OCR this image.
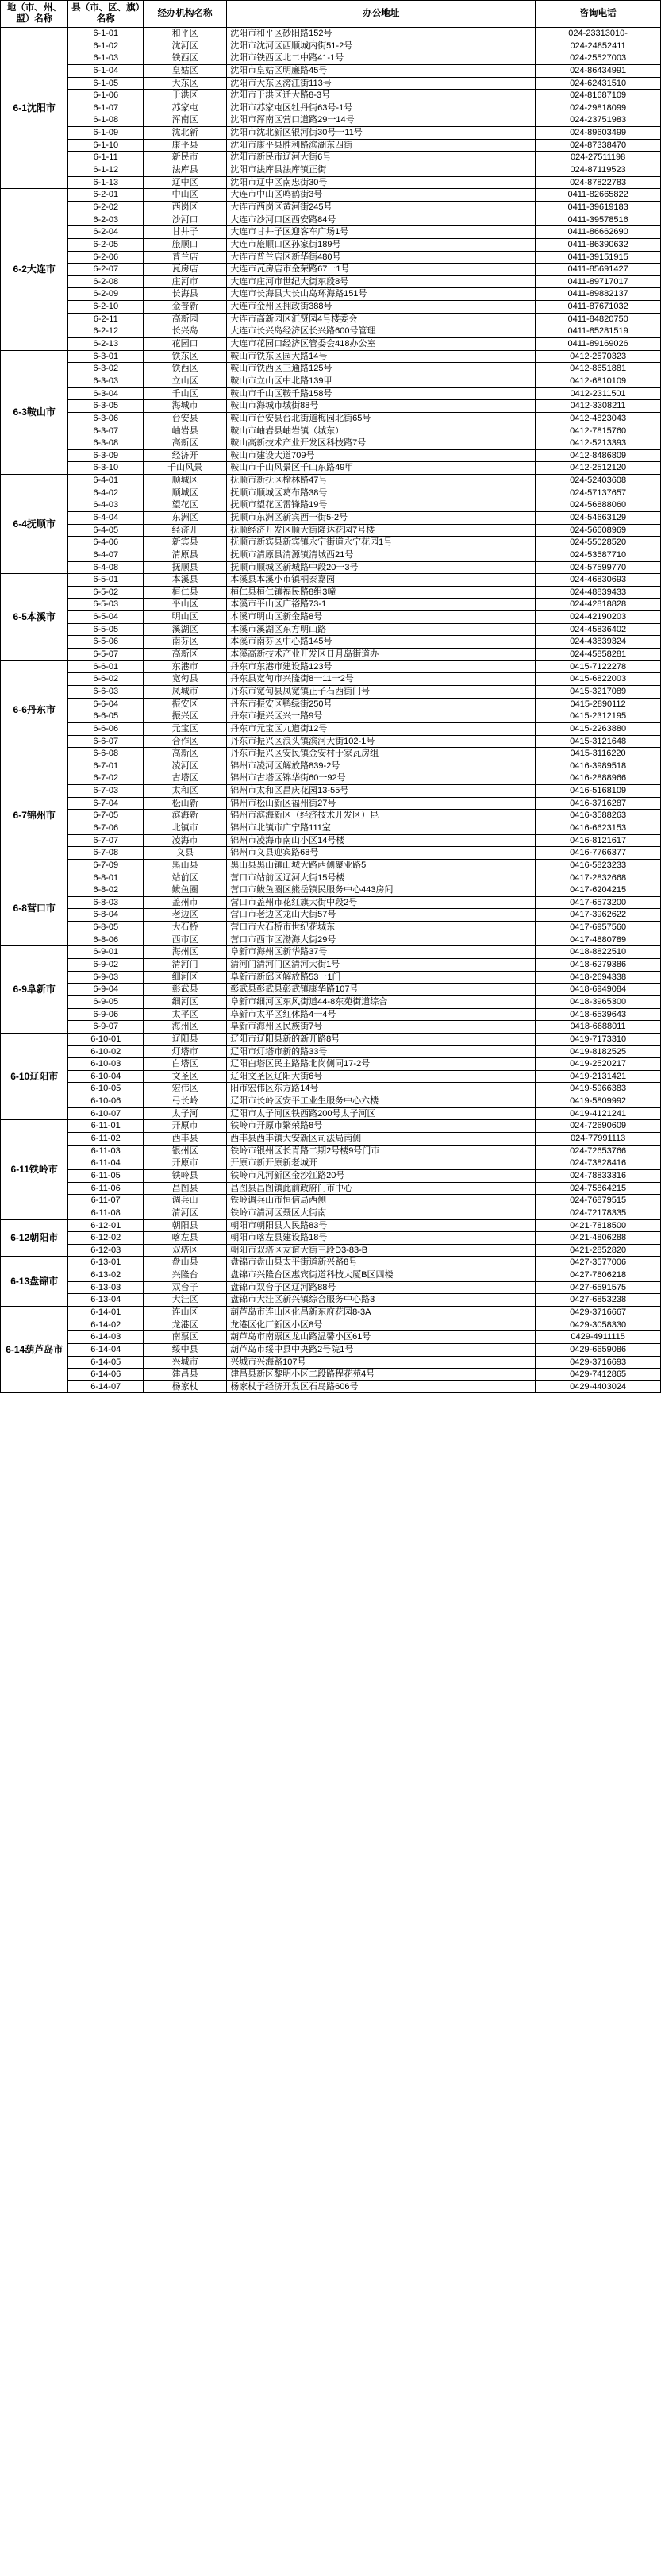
地（市、州、盟）名称	县（市、区、旗）名称	经办机构名称	办公地址	咨询电话
6-1沈阳市	6-1-01	和平区	沈阳市和平区砂阳路152号	024-23313010-
	6-1-02	沈河区	沈阳市沈河区西顺城内街51-2号	024-24852411
	6-1-03	铁西区	沈阳市铁西区北二中路41-1号	024-25527003
	6-1-04	皇姑区	沈阳市皇姑区明廉路45号	024-86434991
	6-1-05	大东区	沈阳市大东区滂江街113号	024-62431510
	6-1-06	于洪区	沈阳市于洪区迁大路8-3号	024-81687109
	6-1-07	苏家屯	沈阳市苏家屯区牡丹街63号-1号	024-29818099
	6-1-08	浑南区	沈阳市浑南区营口道路29一14号	024-23751983
	6-1-09	沈北新	沈阳市沈北新区银河街30号一11号	024-89603499
	6-1-10	康平县	沈阳市康平县胜利路滨湖东四街	024-87338470
	6-1-11	新民市	沈阳市新民市辽河大街6号	024-27511198
	6-1-12	法库县	沈阳市法库县法库镇正街	024-87119523
	6-1-13	辽中区	沈阳市辽中区南忠街30号	024-87822783
6-2大连市	6-2-01	中山区	大连市中山区鸣鹤街3号	0411-82665822
	6-2-02	西岗区	大连市西岗区黄河街245号	0411-39619183
	6-2-03	沙河口	大连市沙河口区西安路84号	0411-39578516
	6-2-04	甘井子	大连市甘井子区迎客车广场1号	0411-86662690
	6-2-05	旅顺口	大连市旅顺口区孙家街189号	0411-86390632
	6-2-06	普兰店	大连市普兰店区新华街480号	0411-39151915
	6-2-07	瓦房店	大连市瓦房店市金荣路67一1号	0411-85691427
	6-2-08	庄河市	大连市庄河市世纪大街东段8号	0411-89717017
	6-2-09	长海县	大连市长海县大长山岛环海路151号	0411-89882137
	6-2-10	金普新	大连市金州区拥政街388号	0411-87671032
	6-2-11	高新园	大连市高新园区汇贤园4号楼委会	0411-84820750
	6-2-12	长兴岛	大连市长兴岛经济区长兴路600号管理	0411-85281519
	6-2-13	花园口	大连市花园口经济区管委会418办公室	0411-89169026
6-3鞍山市	6-3-01	铁东区	鞍山市铁东区园大路14号	0412-2570323
	6-3-02	铁西区	鞍山市铁西区三通路125号	0412-8651881
	6-3-03	立山区	鞍山市立山区中北路139甲	0412-6810109
	6-3-04	千山区	鞍山市千山区鞍千路158号	0412-2311501
	6-3-05	海城市	鞍山市海城市城街88号	0412-3308211
	6-3-06	台安县	鞍山市台安县台北街道梅园北街65号	0412-4823043
	6-3-07	岫岩县	鞍山市岫岩县岫岩镇（城东）	0412-7815760
	6-3-08	高新区	鞍山高新技术产业开发区科技路7号	0412-5213393
	6-3-09	经济开	鞍山市建设大道709号	0412-8486809
	6-3-10	千山风景	鞍山市千山风景区千山东路49甲	0412-2512120
6-4抚顺市	6-4-01	顺城区	抚顺市新抚区榆林路47号	024-52403608
	6-4-02	顺城区	抚顺市顺城区葛布路38号	024-57137657
	6-4-03	望花区	抚顺市望花区雷锋路19号	024-56888060
	6-4-04	东洲区	抚顺市东洲区新宾西一街5-2号	024-54663129
	6-4-05	经济开	抚顺经济开发区顺大街隆达花园7号楼	024-56608969
	6-4-06	新宾县	抚顺市新宾县新宾镇永宁街道永宁花园1号	024-55028520
	6-4-07	清原县	抚顺市清原县清源镇清城西21号	024-53587710
	6-4-08	抚顺县	抚顺市顺城区新城路中段20一3号	024-57599770
6-5本溪市	6-5-01	本溪县	本溪县本溪小市镇柄泰嘉园	024-46830693
	6-5-02	桓仁县	桓仁县桓仁镇福民路8组3幢	024-48839433
	6-5-03	平山区	本溪市平山区广裕路73-1	024-42818828
	6-5-04	明山区	本溪市明山区新金路8号	024-42190203
	6-5-05	溪湖区	本溪市溪湖区东方明山路	024-45836402
	6-5-06	南芬区	本溪市南芬区中心路145号	024-43839324
	6-5-07	高新区	本溪高新技术产业开发区日月岛街道办	024-45858281
6-6丹东市	6-6-01	东港市	丹东市东港市建设路123号	0415-7122278
	6-6-02	宽甸县	丹东县宽甸市兴隆街8一11一2号	0415-6822003
	6-6-03	凤城市	丹东市宽甸县凤宽镇正子石西街门号	0415-3217089
	6-6-04	振安区	丹东市振安区鸭绿街250号	0415-2890112
	6-6-05	振兴区	丹东市振兴区兴一路9号	0415-2312195
	6-6-06	元宝区	丹东市元宝区九道街12号	0415-2263880
	6-6-07	合作区	丹东市振兴区浪头镇滨河大街102-1号	0415-3121648
	6-6-08	高新区	丹东市振兴区安民镇金安村于家瓦房组	0415-3116220
6-7锦州市	6-7-01	凌河区	锦州市凌河区解放路839-2号	0416-3989518
	6-7-02	古塔区	锦州市古塔区锦华街60一92号	0416-2888966
	6-7-03	太和区	锦州市太和区昌庆花园13-55号	0416-5168109
	6-7-04	松山新	锦州市松山新区福州街27号	0416-3716287
	6-7-05	滨海新	锦州市滨海新区（经济技术开发区）昆	0416-3588263
	6-7-06	北镇市	锦州市北镇市广宁路111室	0416-6623153
	6-7-07	凌海市	锦州市凌海市南山小区14号楼	0416-8121617
	6-7-08	义县	锦州市义县迎宾路68号	0416-7766377
	6-7-09	黑山县	黑山县黑山镇山城大路西侧聚业路5	0416-5823233
6-8营口市	6-8-01	站前区	营口市站前区辽河大街15号楼	0417-2832668
	6-8-02	鲅鱼圈	营口市鲅鱼圈区熊岳镇民服务中心443房间	0417-6204215
	6-8-03	盖州市	营口市盖州市花红旗大街中段2号	0417-6573200
	6-8-04	老边区	营口市老边区龙山大街57号	0417-3962622
	6-8-05	大石桥	营口市大石桥市世纪花城东	0417-6957560
	6-8-06	西市区	营口市西市区渤海大街29号	0417-4880789
6-9阜新市	6-9-01	海州区	阜新市海州区新华路37号	0418-8822510
	6-9-02	清河门	清河门清河门区清河大街1号	0418-6279386
	6-9-03	细河区	阜新市新邱区解放路53一1门	0418-2694338
	6-9-04	彰武县	彰武县彰武县彰武镇康华路107号	0418-6949084
	6-9-05	细河区	阜新市细河区东风街道44-8东苑街道综合	0418-3965300
	6-9-06	太平区	阜新市太平区红休路4一4号	0418-6539643
	6-9-07	海州区	阜新市海州区民族街7号	0418-6688011
6-10辽阳市	6-10-01	辽阳县	辽阳市辽阳县新的新开路8号	0419-7173310
	6-10-02	灯塔市	辽阳市灯塔市新的路33号	0419-8182525
	6-10-03	白塔区	辽阳白塔区民主路路北岗侧同17-2号	0419-2520217
	6-10-04	文圣区	辽阳文圣区辽阳大街6号	0419-2131421
	6-10-05	宏伟区	阳市宏伟区东方路14号	0419-5966383
	6-10-06	弓长岭	辽阳市长岭区安平工业生服务中心六楼	0419-5809992
	6-10-07	太子河	辽阳市太子河区铁西路200号太子河区	0419-4121241
6-11铁岭市	6-11-01	开原市	铁岭市开原市繁荣路8号	024-72690609
	6-11-02	西丰县	西丰县西丰镇大安新区司法局南侧	024-77991113
	6-11-03	银州区	铁岭市银州区长青路二期2号楼9号门市	024-72653766
	6-11-04	开原市	开原市新开原新老城开	024-73828416
	6-11-05	铁岭县	铁岭市凡河新区金沙江路20号	024-78833316
	6-11-06	昌图县	昌图县昌图镇此前政府门市中心	024-75864215
	6-11-07	调兵山	铁岭调兵山市恒信局西侧	024-76879515
	6-11-08	清河区	铁岭市清河区聂区大街南	024-72178335
6-12朝阳市	6-12-01	朝阳县	朝阳市朝阳县人民路83号	0421-7818500
	6-12-02	喀左县	朝阳市喀左县建设路18号	0421-4806288
	6-12-03	双塔区	朝阳市双塔区友谊大街三段D3-83-B	0421-2852820
6-13盘锦市	6-13-01	盘山县	盘锦市盘山县太平街道新兴路8号	0427-3577006
	6-13-02	兴隆台	盘锦市兴隆台区惠宾街道科技大厦B区四楼	0427-7806218
	6-13-03	双台子	盘锦市双台子区辽河路88号	0427-6591575
	6-13-04	大洼区	盘锦市大洼区新兴镇综合服务中心路3	0427-6853238
6-14葫芦岛市	6-14-01	连山区	葫芦岛市连山区化昌新东府花园8-3A	0429-3716667
	6-14-02	龙港区	龙港区化厂新区小区8号	0429-3058330
	6-14-03	南票区	葫芦岛市南票区龙山路温馨小区61号	0429-4911115
	6-14-04	绥中县	葫芦岛市绥中县中央路2号院1号	0429-6659086
	6-14-05	兴城市	兴城市兴海路107号	0429-3716693
	6-14-06	建昌县	建昌县新区黎明小区二段路程花苑4号	0429-7412865
	6-14-07	杨家杖	杨家杖子经济开发区石岛路606号	0429-4403024
